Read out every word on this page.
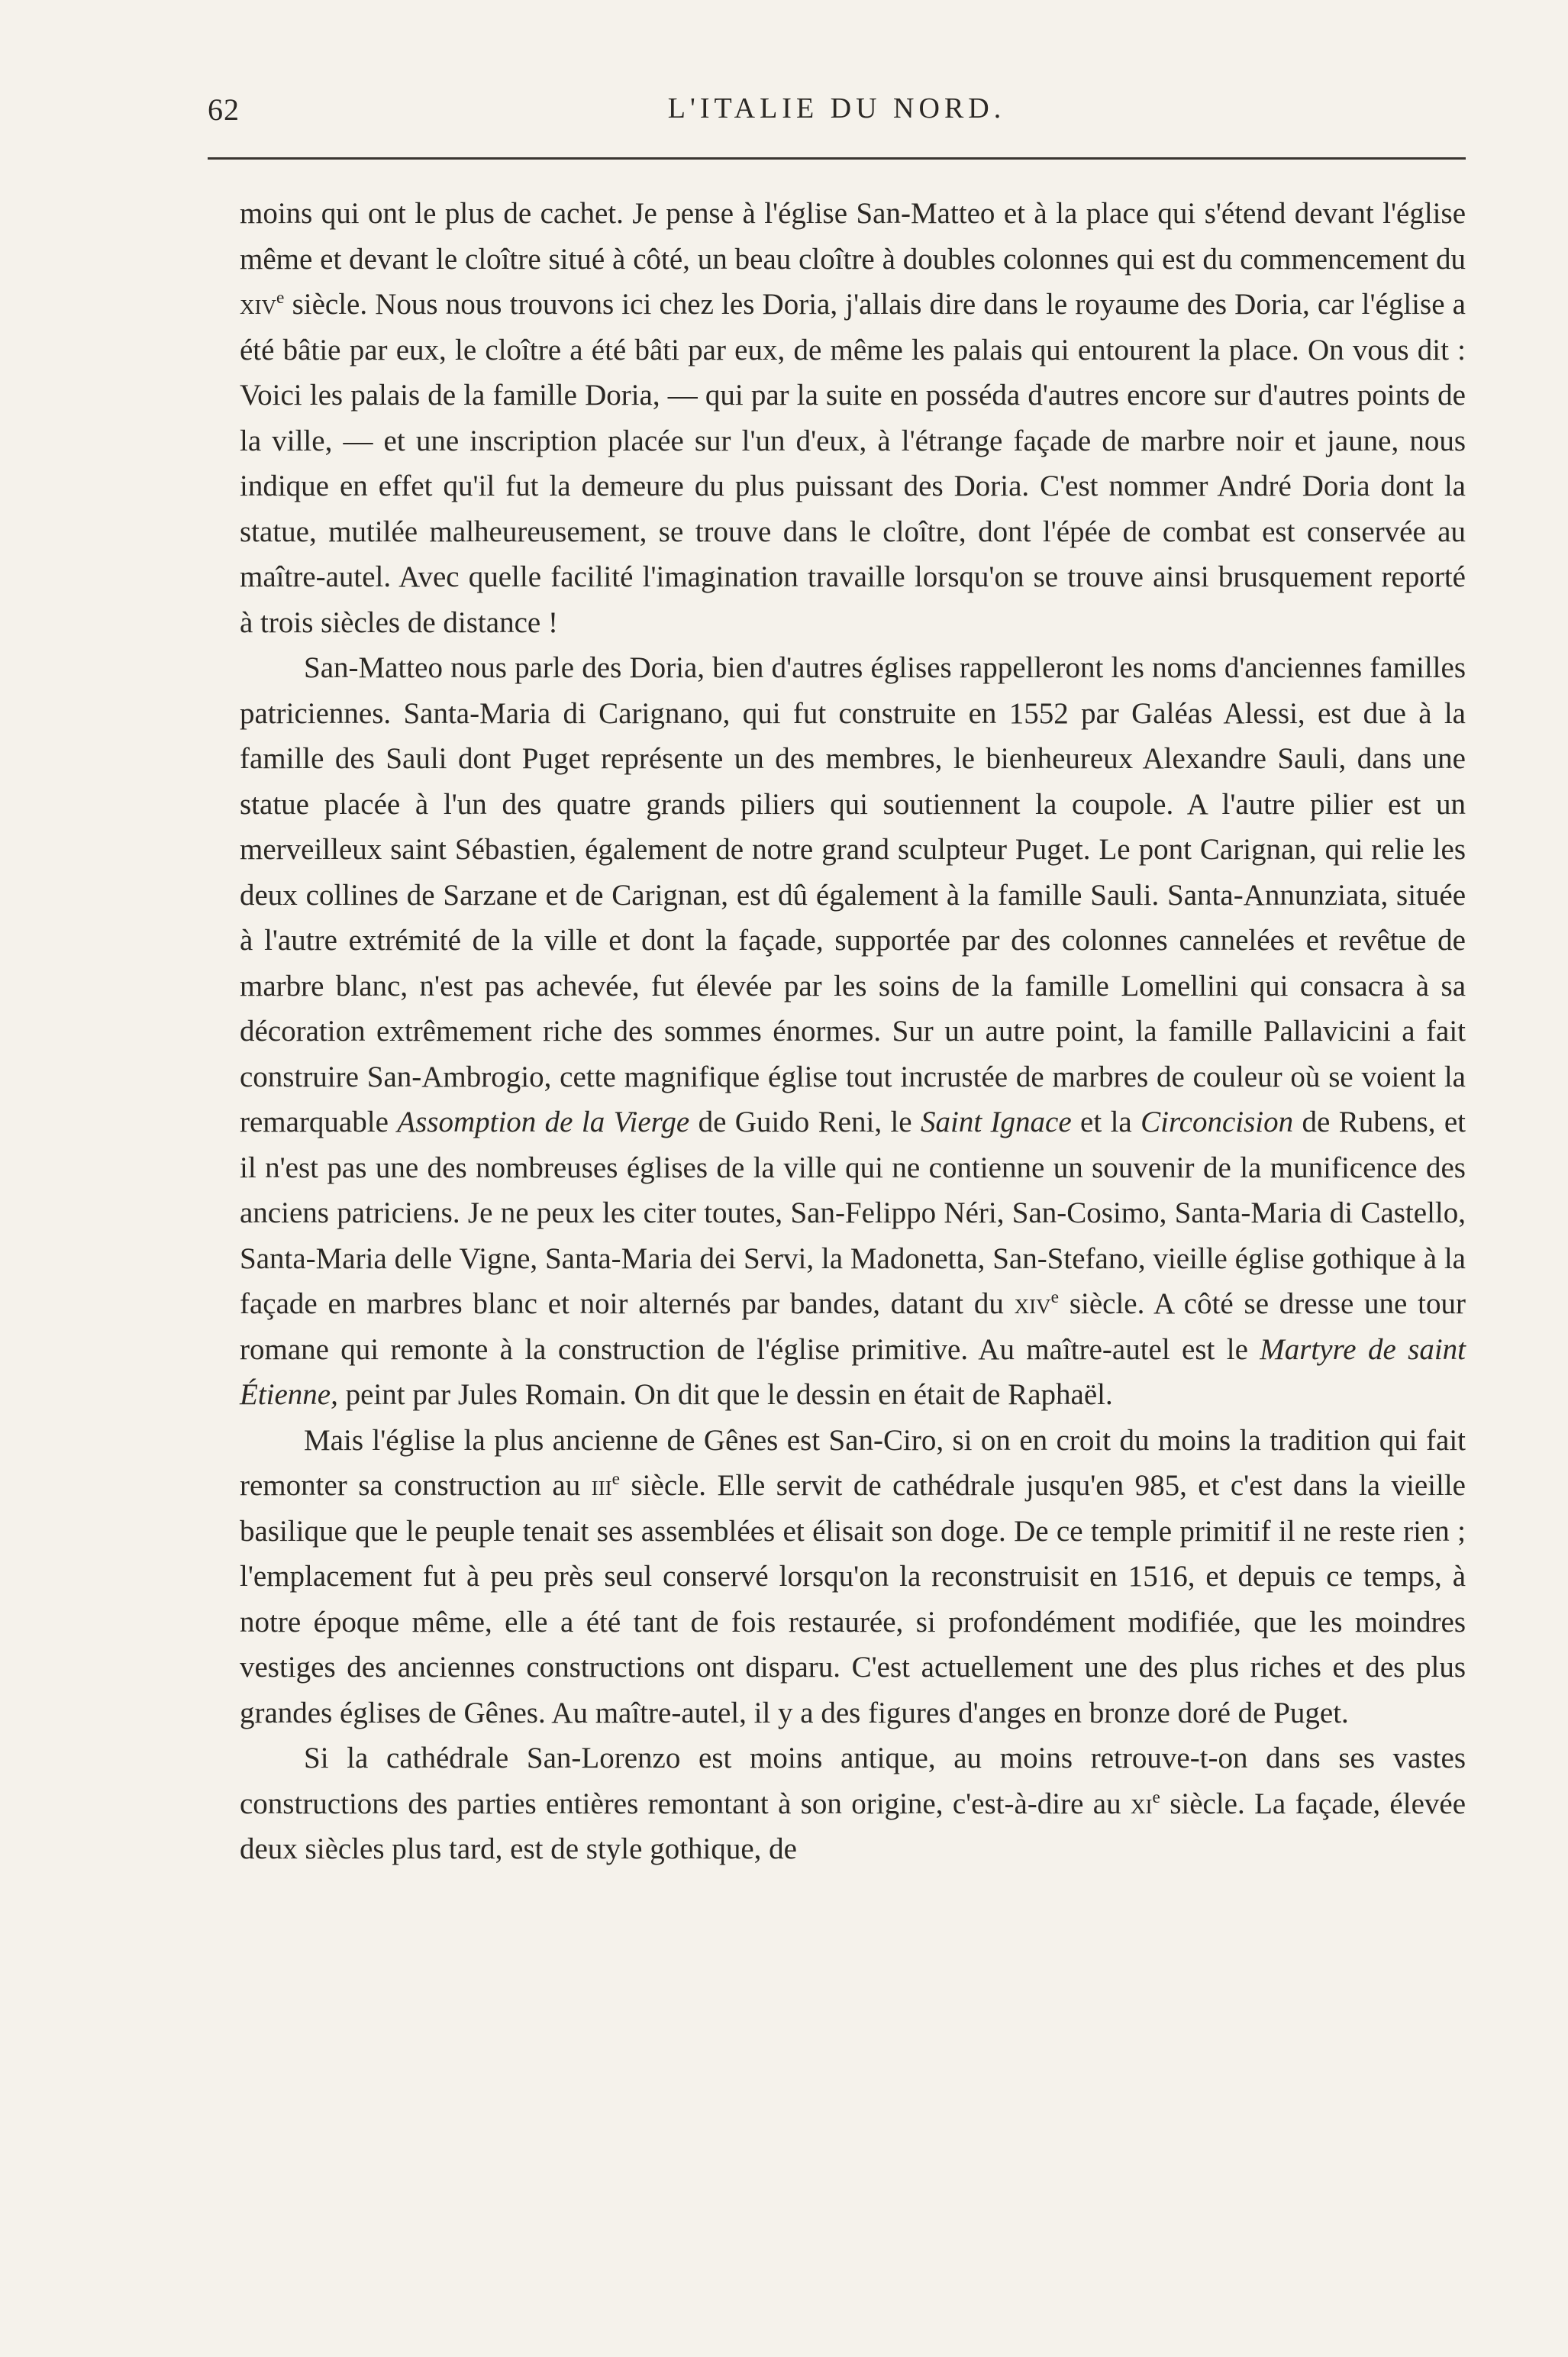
62	L'ITALIE DU NORD.

moins qui ont le plus de cachet. Je pense à l'église San-Matteo et à la place qui s'étend devant l'église même et devant le cloître situé à côté, un beau cloître à doubles colonnes qui est du commencement du xiv$^e$ siècle. Nous nous trouvons ici chez les Doria, j'allais dire dans le royaume des Doria, car l'église a été bâtie par eux, le cloître a été bâti par eux, de même les palais qui entourent la place. On vous dit : Voici les palais de la famille Doria, — qui par la suite en posséda d'autres encore sur d'autres points de la ville, — et une inscription placée sur l'un d'eux, à l'étrange façade de marbre noir et jaune, nous indique en effet qu'il fut la demeure du plus puissant des Doria. C'est nommer André Doria dont la statue, mutilée malheureusement, se trouve dans le cloître, dont l'épée de combat est conservée au maître-autel. Avec quelle facilité l'imagination travaille lorsqu'on se trouve ainsi brusquement reporté à trois siècles de distance !

San-Matteo nous parle des Doria, bien d'autres églises rappelleront les noms d'anciennes familles patriciennes. Santa-Maria di Carignano, qui fut construite en 1552 par Galéas Alessi, est due à la famille des Sauli dont Puget représente un des membres, le bienheureux Alexandre Sauli, dans une statue placée à l'un des quatre grands piliers qui soutiennent la coupole. A l'autre pilier est un merveilleux saint Sébastien, également de notre grand sculpteur Puget. Le pont Carignan, qui relie les deux collines de Sarzane et de Carignan, est dû également à la famille Sauli. Santa-Annunziata, située à l'autre extrémité de la ville et dont la façade, supportée par des colonnes cannelées et revêtue de marbre blanc, n'est pas achevée, fut élevée par les soins de la famille Lomellini qui consacra à sa décoration extrêmement riche des sommes énormes. Sur un autre point, la famille Pallavicini a fait construire San-Ambrogio, cette magnifique église tout incrustée de marbres de couleur où se voient la remarquable Assomption de la Vierge de Guido Reni, le Saint Ignace et la Circoncision de Rubens, et il n'est pas une des nombreuses églises de la ville qui ne contienne un souvenir de la munificence des anciens patriciens. Je ne peux les citer toutes, San-Felippo Néri, San-Cosimo, Santa-Maria di Castello, Santa-Maria delle Vigne, Santa-Maria dei Servi, la Madonetta, San-Stefano, vieille église gothique à la façade en marbres blanc et noir alternés par bandes, datant du xiv$^e$ siècle. A côté se dresse une tour romane qui remonte à la construction de l'église primitive. Au maître-autel est le Martyre de saint Étienne, peint par Jules Romain. On dit que le dessin en était de Raphaël.

Mais l'église la plus ancienne de Gênes est San-Ciro, si on en croit du moins la tradition qui fait remonter sa construction au iii$^e$ siècle. Elle servit de cathédrale jusqu'en 985, et c'est dans la vieille basilique que le peuple tenait ses assemblées et élisait son doge. De ce temple primitif il ne reste rien ; l'emplacement fut à peu près seul conservé lorsqu'on la reconstruisit en 1516, et depuis ce temps, à notre époque même, elle a été tant de fois restaurée, si profondément modifiée, que les moindres vestiges des anciennes constructions ont disparu. C'est actuellement une des plus riches et des plus grandes églises de Gênes. Au maître-autel, il y a des figures d'anges en bronze doré de Puget.

Si la cathédrale San-Lorenzo est moins antique, au moins retrouve-t-on dans ses vastes constructions des parties entières remontant à son origine, c'est-à-dire au $xi^e$ siècle. La façade, élevée deux siècles plus tard, est de style gothique, de
